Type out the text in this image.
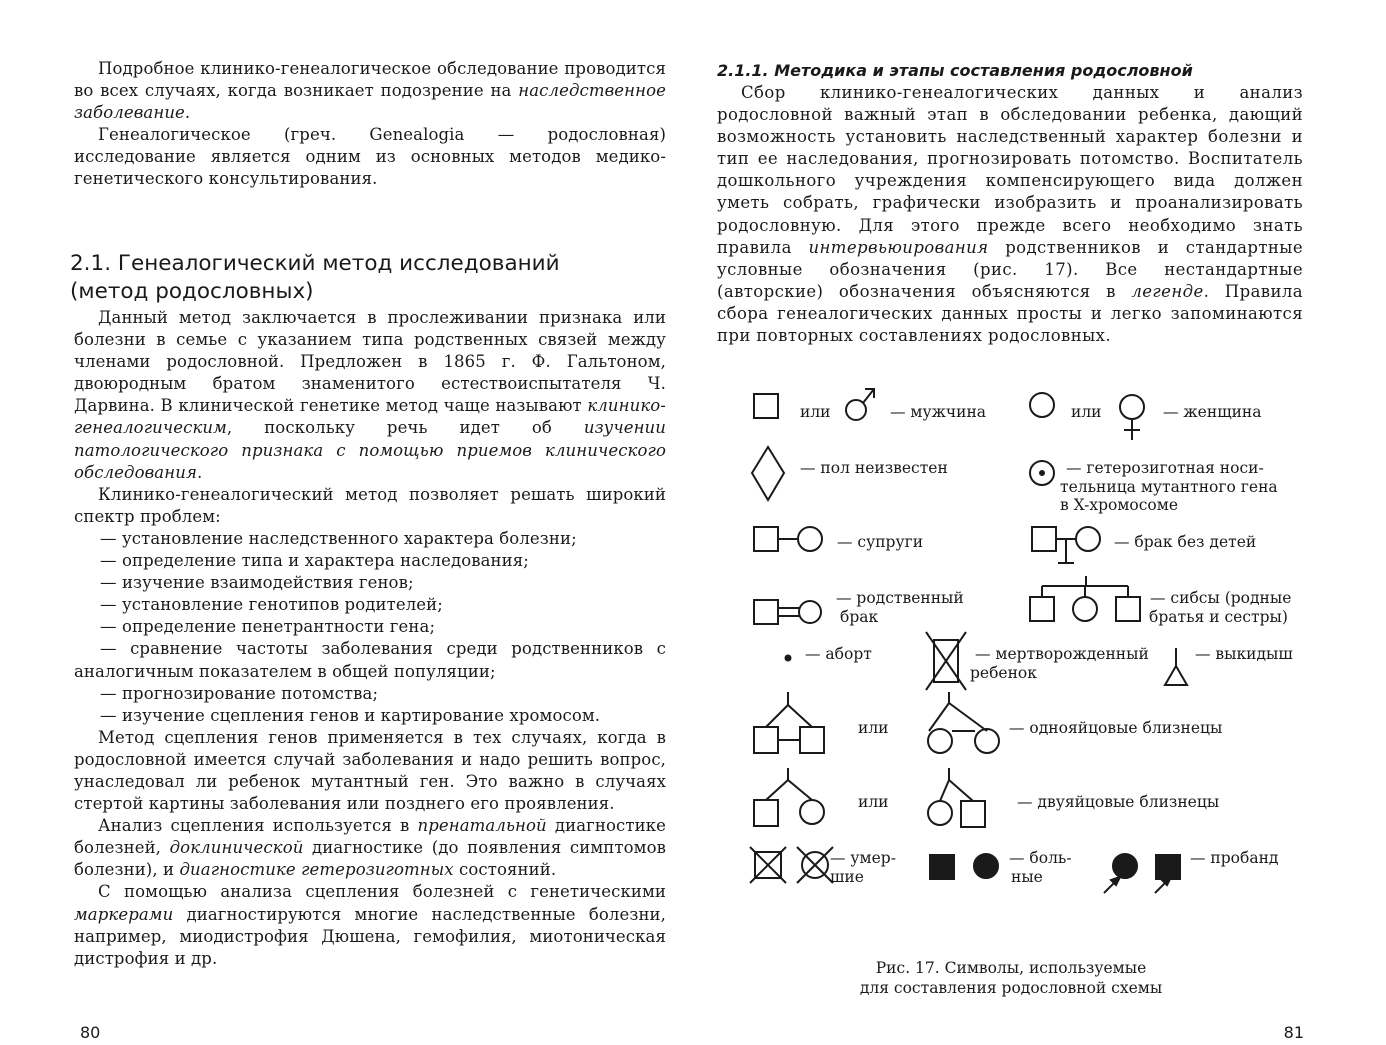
Подробное клинико-генеалогическое обследование проводится во всех случаях, когда возникает подозрение на наследственное заболевание.

Генеалогическое (греч. Genealogia — родословная) исследование является одним из основных методов медико-генетического консультирования.

2.1. Генеалогический метод исследований (метод родословных)

Данный метод заключается в прослеживании признака или болезни в семье с указанием типа родственных связей между членами родословной. Предложен в 1865 г. Ф. Гальтоном, двоюродным братом знаменитого естествоиспытателя Ч. Дарвина. В клинической генетике метод чаще называют клинико-генеалогическим, поскольку речь идет об изучении патологического признака с помощью приемов клинического обследования.

Клинико-генеалогический метод позволяет решать широкий спектр проблем:

— установление наследственного характера болезни;

— определение типа и характера наследования;

— изучение взаимодействия генов;

— установление генотипов родителей;

— определение пенетрантности гена;

— сравнение частоты заболевания среди родственников с аналогичным показателем в общей популяции;

— прогнозирование потомства;

— изучение сцепления генов и картирование хромосом.

Метод сцепления генов применяется в тех случаях, когда в родословной имеется случай заболевания и надо решить вопрос, унаследовал ли ребенок мутантный ген. Это важно в случаях стертой картины заболевания или позднего его проявления.

Анализ сцепления используется в пренатальной диагностике болезней, доклинической диагностике (до появления симптомов болезни), и диагностике гетерозиготных состояний.

С помощью анализа сцепления болезней с генетическими маркерами диагностируются многие наследственные болезни, например, миодистрофия Дюшена, гемофилия, миотоническая дистрофия и др.

80
2.1.1. Методика и этапы составления родословной

Сбор клинико-генеалогических данных и анализ родословной важный этап в обследовании ребенка, дающий возможность установить наследственный характер болезни и тип ее наследования, прогнозировать потомство. Воспитатель дошкольного учреждения компенсирующего вида должен уметь собрать, графически изобразить и проанализировать родословную. Для этого прежде всего необходимо знать правила интервьюирования родственников и стандартные условные обозначения (рис. 17). Все нестандартные (авторские) обозначения объясняются в легенде. Правила сбора генеалогических данных просты и легко запоминаются при повторных составлениях родословных.

или	— мужчина	или	— женщина
— пол неизвестен	— гетерозиготная носи-
тельница мутантного гена
в X-хромосоме
— супруги	— брак без детей
— родственный
брак
— сибсы (родные
братья и сестры)
— аборт	— мертворожденный
ребенок
— выкидыш
или	— однояйцовые близнецы
или	— двуяйцовые близнецы
— умер-
шие
— боль-
ные
— пробанд
Рис. 17. Символы, используемые
для составления родословной схемы
81
